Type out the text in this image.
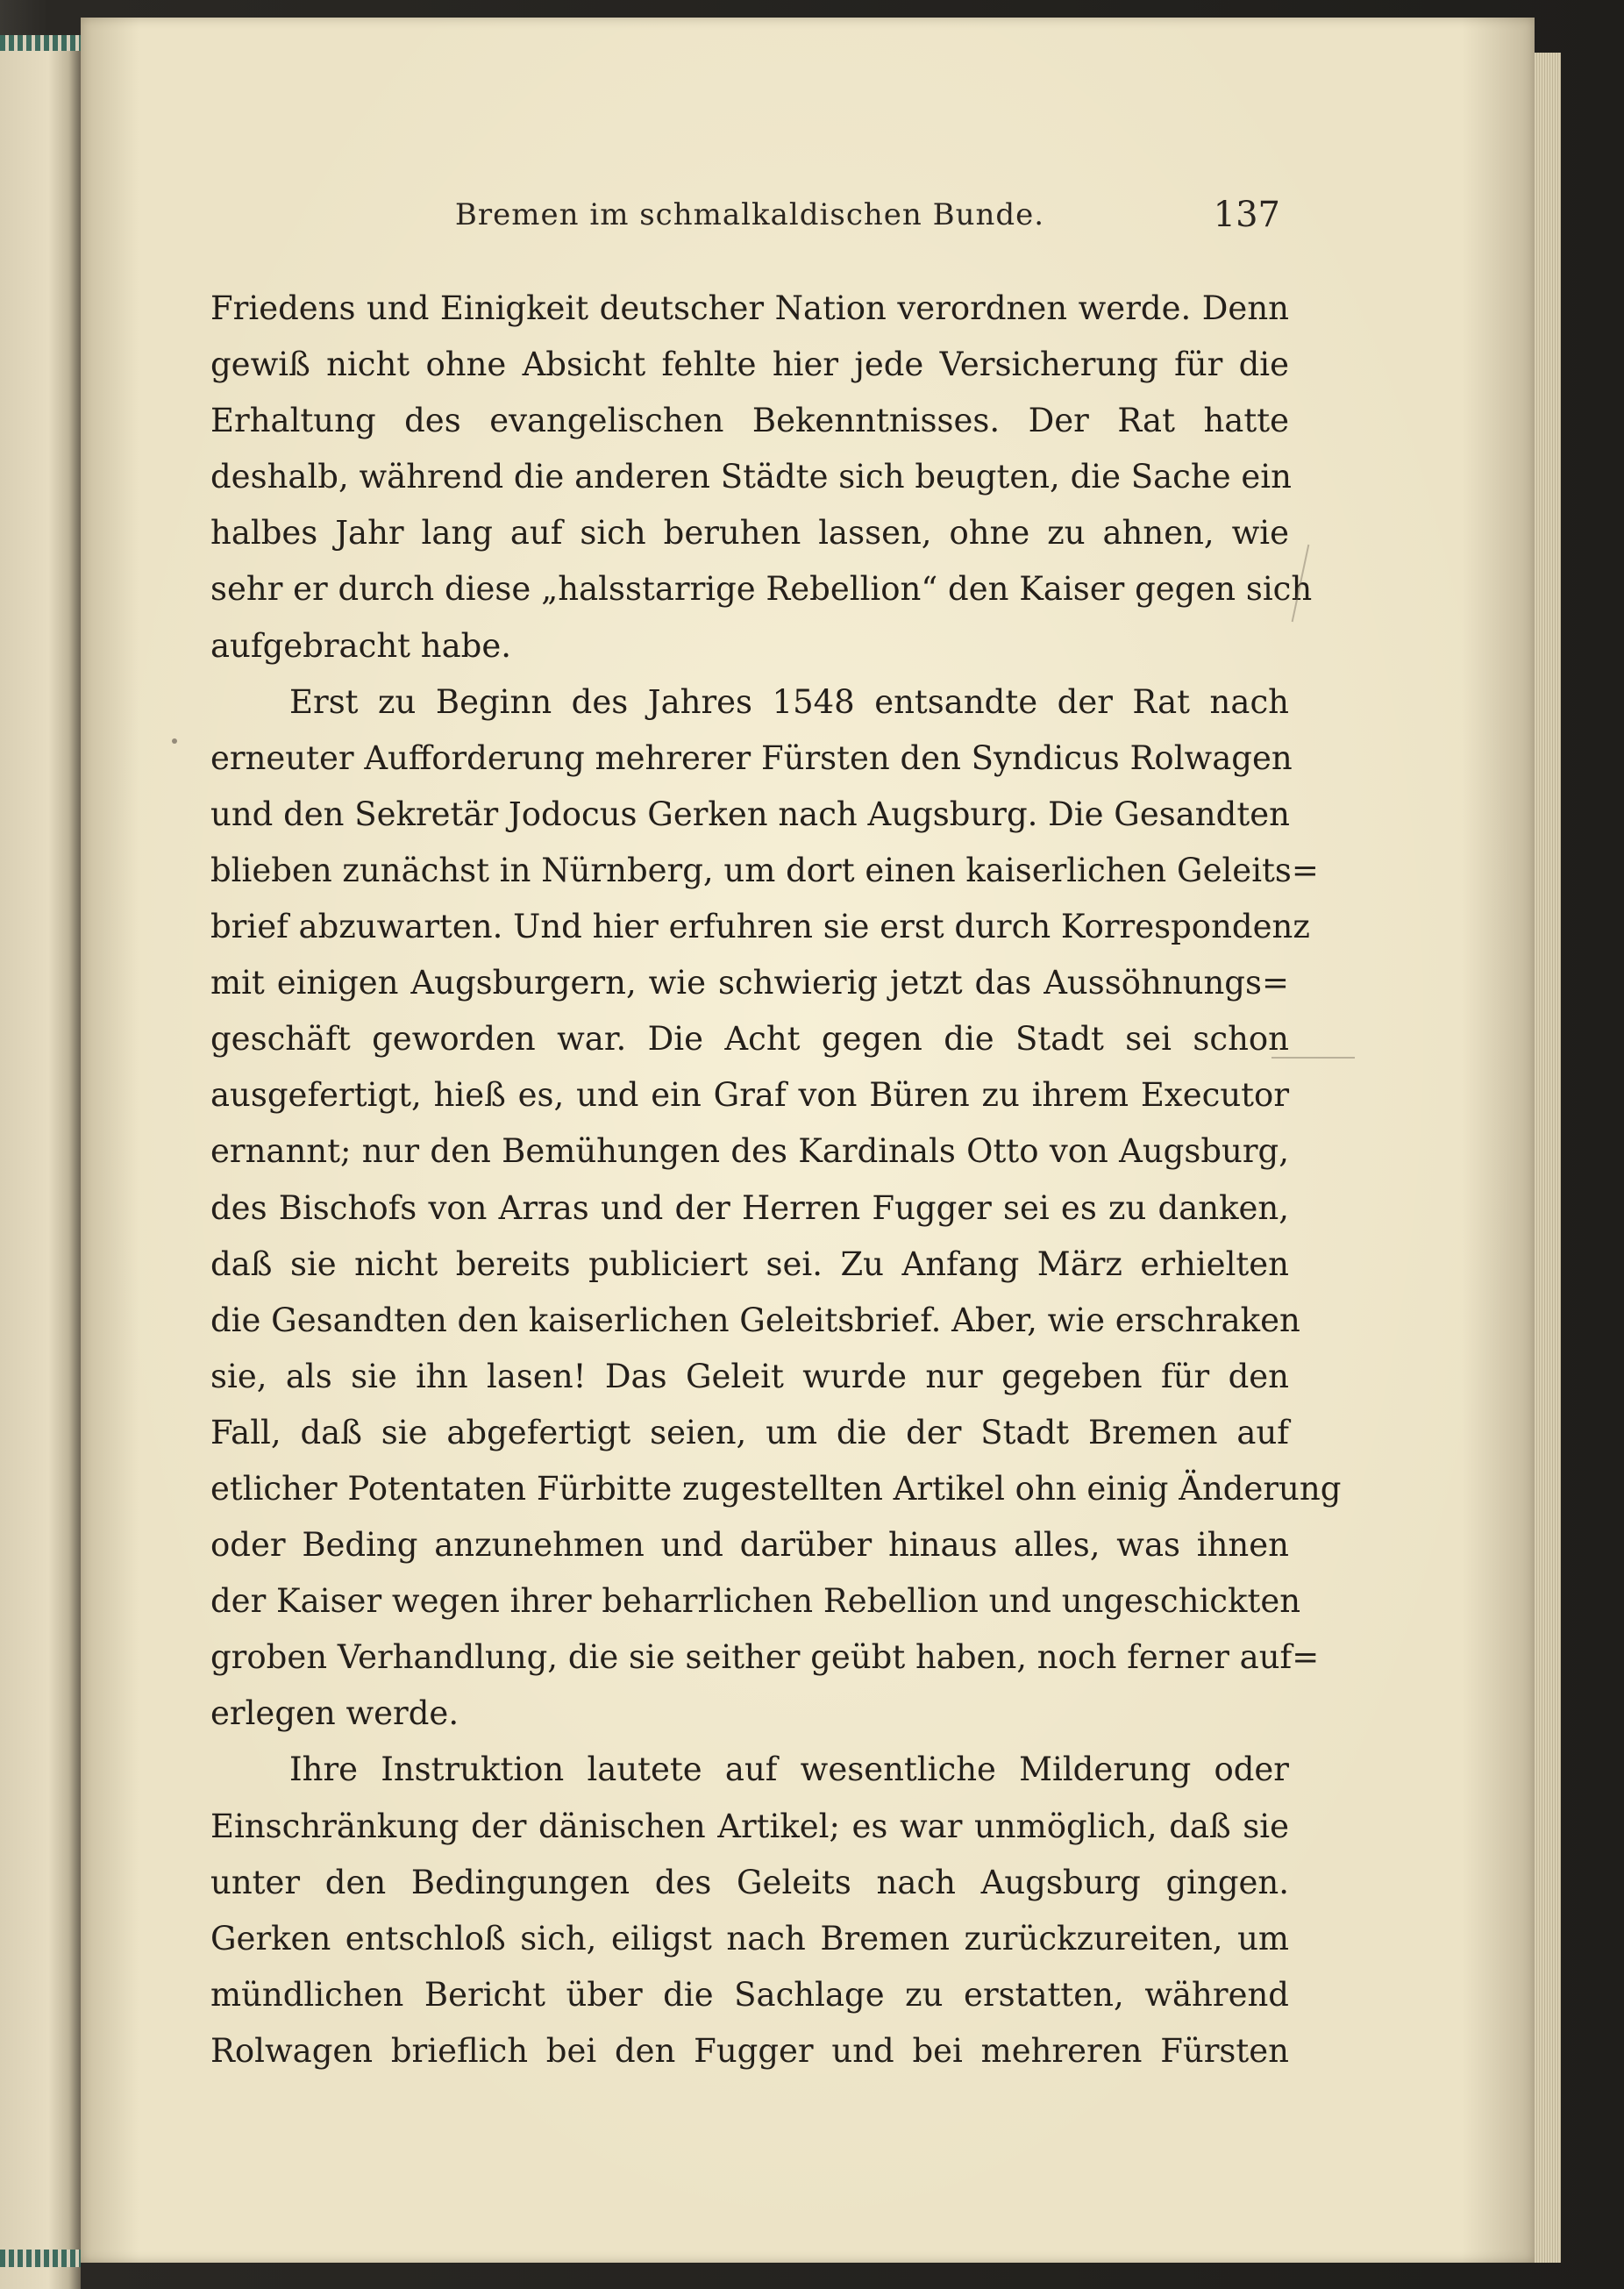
Bremen im schmalkaldischen Bunde.	137
Friedens und Einigkeit deutscher Nation verordnen werde. Denn
gewiß nicht ohne Absicht fehlte hier jede Versicherung für die
Erhaltung des evangelischen Bekenntnisses. Der Rat hatte
deshalb, während die anderen Städte sich beugten, die Sache ein
halbes Jahr lang auf sich beruhen lassen, ohne zu ahnen, wie
sehr er durch diese „halsstarrige Rebellion“ den Kaiser gegen sich
aufgebracht habe.
Erst zu Beginn des Jahres 1548 entsandte der Rat nach
erneuter Aufforderung mehrerer Fürsten den Syndicus Rolwagen
und den Sekretär Jodocus Gerken nach Augsburg. Die Gesandten
blieben zunächst in Nürnberg, um dort einen kaiserlichen Geleits=
brief abzuwarten. Und hier erfuhren sie erst durch Korrespondenz
mit einigen Augsburgern, wie schwierig jetzt das Aussöhnungs=
geschäft geworden war. Die Acht gegen die Stadt sei schon
ausgefertigt, hieß es, und ein Graf von Büren zu ihrem Executor
ernannt; nur den Bemühungen des Kardinals Otto von Augsburg,
des Bischofs von Arras und der Herren Fugger sei es zu danken,
daß sie nicht bereits publiciert sei. Zu Anfang März erhielten
die Gesandten den kaiserlichen Geleitsbrief. Aber, wie erschraken
sie, als sie ihn lasen! Das Geleit wurde nur gegeben für den
Fall, daß sie abgefertigt seien, um die der Stadt Bremen auf
etlicher Potentaten Fürbitte zugestellten Artikel ohn einig Änderung
oder Beding anzunehmen und darüber hinaus alles, was ihnen
der Kaiser wegen ihrer beharrlichen Rebellion und ungeschickten
groben Verhandlung, die sie seither geübt haben, noch ferner auf=
erlegen werde.
Ihre Instruktion lautete auf wesentliche Milderung oder
Einschränkung der dänischen Artikel; es war unmöglich, daß sie
unter den Bedingungen des Geleits nach Augsburg gingen.
Gerken entschloß sich, eiligst nach Bremen zurückzureiten, um
mündlichen Bericht über die Sachlage zu erstatten, während
Rolwagen brieflich bei den Fugger und bei mehreren Fürsten
